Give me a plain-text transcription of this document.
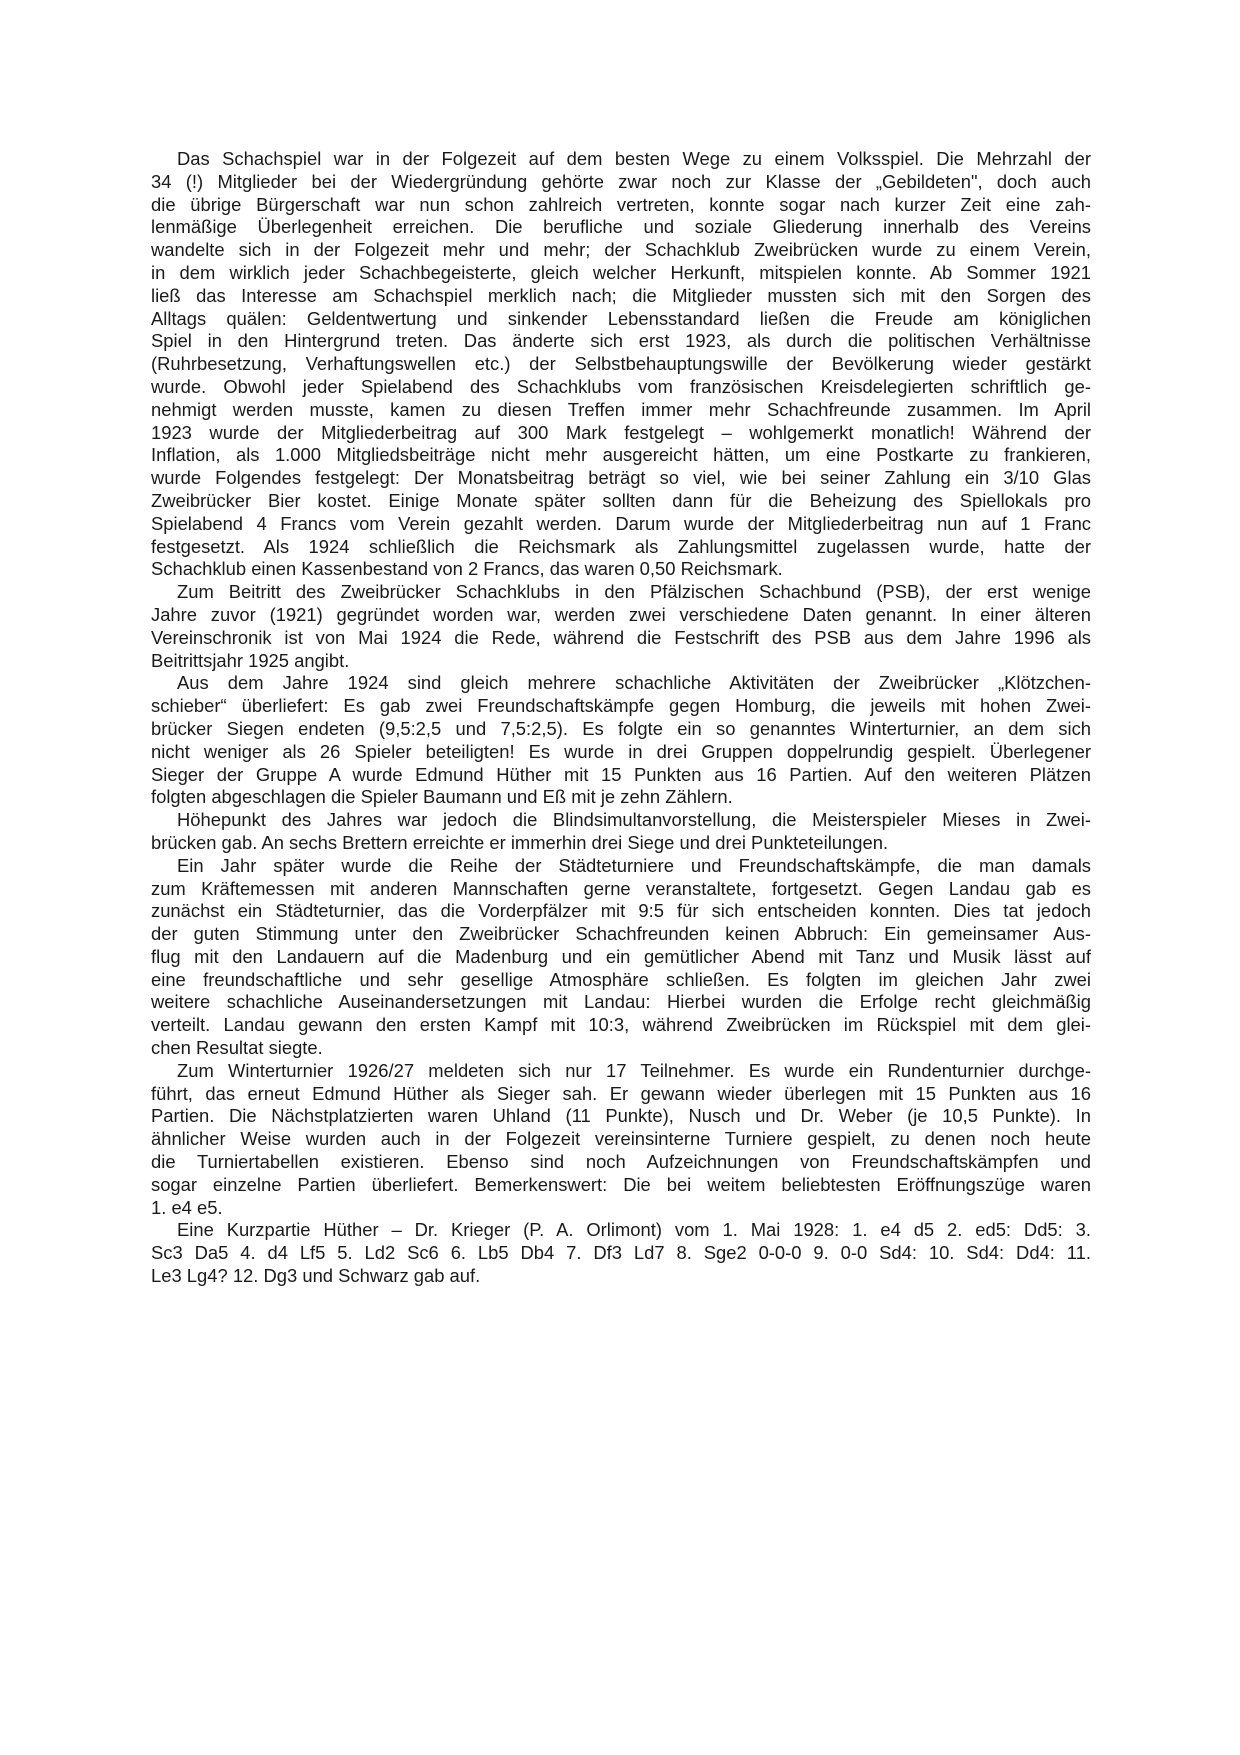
Das Schachspiel war in der Folgezeit auf dem besten Wege zu einem Volksspiel. Die Mehrzahl der
34 (!) Mitglieder bei der Wiedergründung gehörte zwar noch zur Klasse der „Gebildeten", doch auch
die übrige Bürgerschaft war nun schon zahlreich vertreten, konnte sogar nach kurzer Zeit eine zah-
lenmäßige Überlegenheit erreichen. Die berufliche und soziale Gliederung innerhalb des Vereins
wandelte sich in der Folgezeit mehr und mehr; der Schachklub Zweibrücken wurde zu einem Verein,
in dem wirklich jeder Schachbegeisterte, gleich welcher Herkunft, mitspielen konnte. Ab Sommer 1921
ließ das Interesse am Schachspiel merklich nach; die Mitglieder mussten sich mit den Sorgen des
Alltags quälen: Geldentwertung und sinkender Lebensstandard ließen die Freude am königlichen
Spiel in den Hintergrund treten. Das änderte sich erst 1923, als durch die politischen Verhältnisse
(Ruhrbesetzung, Verhaftungswellen etc.) der Selbstbehauptungswille der Bevölkerung wieder gestärkt
wurde. Obwohl jeder Spielabend des Schachklubs vom französischen Kreisdelegierten schriftlich ge-
nehmigt werden musste, kamen zu diesen Treffen immer mehr Schachfreunde zusammen. Im April
1923 wurde der Mitgliederbeitrag auf 300 Mark festgelegt – wohlgemerkt monatlich! Während der
Inflation, als 1.000 Mitgliedsbeiträge nicht mehr ausgereicht hätten, um eine Postkarte zu frankieren,
wurde Folgendes festgelegt: Der Monatsbeitrag beträgt so viel, wie bei seiner Zahlung ein 3/10 Glas
Zweibrücker Bier kostet. Einige Monate später sollten dann für die Beheizung des Spiellokals pro
Spielabend 4 Francs vom Verein gezahlt werden. Darum wurde der Mitgliederbeitrag nun auf 1 Franc
festgesetzt. Als 1924 schließlich die Reichsmark als Zahlungsmittel zugelassen wurde, hatte der
Schachklub einen Kassenbestand von 2 Francs, das waren 0,50 Reichsmark.
Zum Beitritt des Zweibrücker Schachklubs in den Pfälzischen Schachbund (PSB), der erst wenige
Jahre zuvor (1921) gegründet worden war, werden zwei verschiedene Daten genannt. In einer älteren
Vereinschronik ist von Mai 1924 die Rede, während die Festschrift des PSB aus dem Jahre 1996 als
Beitrittsjahr 1925 angibt.
Aus dem Jahre 1924 sind gleich mehrere schachliche Aktivitäten der Zweibrücker „Klötzchen-
schieber“ überliefert: Es gab zwei Freundschaftskämpfe gegen Homburg, die jeweils mit hohen Zwei-
brücker Siegen endeten (9,5:2,5 und 7,5:2,5). Es folgte ein so genanntes Winterturnier, an dem sich
nicht weniger als 26 Spieler beteiligten! Es wurde in drei Gruppen doppelrundig gespielt. Überlegener
Sieger der Gruppe A wurde Edmund Hüther mit 15 Punkten aus 16 Partien. Auf den weiteren Plätzen
folgten abgeschlagen die Spieler Baumann und Eß mit je zehn Zählern.
Höhepunkt des Jahres war jedoch die Blindsimultanvorstellung, die Meisterspieler Mieses in Zwei-
brücken gab. An sechs Brettern erreichte er immerhin drei Siege und drei Punkteteilungen.
Ein Jahr später wurde die Reihe der Städteturniere und Freundschaftskämpfe, die man damals
zum Kräftemessen mit anderen Mannschaften gerne veranstaltete, fortgesetzt. Gegen Landau gab es
zunächst ein Städteturnier, das die Vorderpfälzer mit 9:5 für sich entscheiden konnten. Dies tat jedoch
der guten Stimmung unter den Zweibrücker Schachfreunden keinen Abbruch: Ein gemeinsamer Aus-
flug mit den Landauern auf die Madenburg und ein gemütlicher Abend mit Tanz und Musik lässt auf
eine freundschaftliche und sehr gesellige Atmosphäre schließen. Es folgten im gleichen Jahr zwei
weitere schachliche Auseinandersetzungen mit Landau: Hierbei wurden die Erfolge recht gleichmäßig
verteilt. Landau gewann den ersten Kampf mit 10:3, während Zweibrücken im Rückspiel mit dem glei-
chen Resultat siegte.
Zum Winterturnier 1926/27 meldeten sich nur 17 Teilnehmer. Es wurde ein Rundenturnier durchge-
führt, das erneut Edmund Hüther als Sieger sah. Er gewann wieder überlegen mit 15 Punkten aus 16
Partien. Die Nächstplatzierten waren Uhland (11 Punkte), Nusch und Dr. Weber (je 10,5 Punkte). In
ähnlicher Weise wurden auch in der Folgezeit vereinsinterne Turniere gespielt, zu denen noch heute
die Turniertabellen existieren. Ebenso sind noch Aufzeichnungen von Freundschaftskämpfen und
sogar einzelne Partien überliefert. Bemerkenswert: Die bei weitem beliebtesten Eröffnungszüge waren
1. e4 e5.
Eine Kurzpartie Hüther – Dr. Krieger (P. A. Orlimont) vom 1. Mai 1928: 1. e4 d5 2. ed5: Dd5: 3.
Sc3 Da5 4. d4 Lf5 5. Ld2 Sc6 6. Lb5 Db4 7. Df3 Ld7 8. Sge2 0-0-0 9. 0-0 Sd4: 10. Sd4: Dd4: 11.
Le3 Lg4? 12. Dg3 und Schwarz gab auf.
